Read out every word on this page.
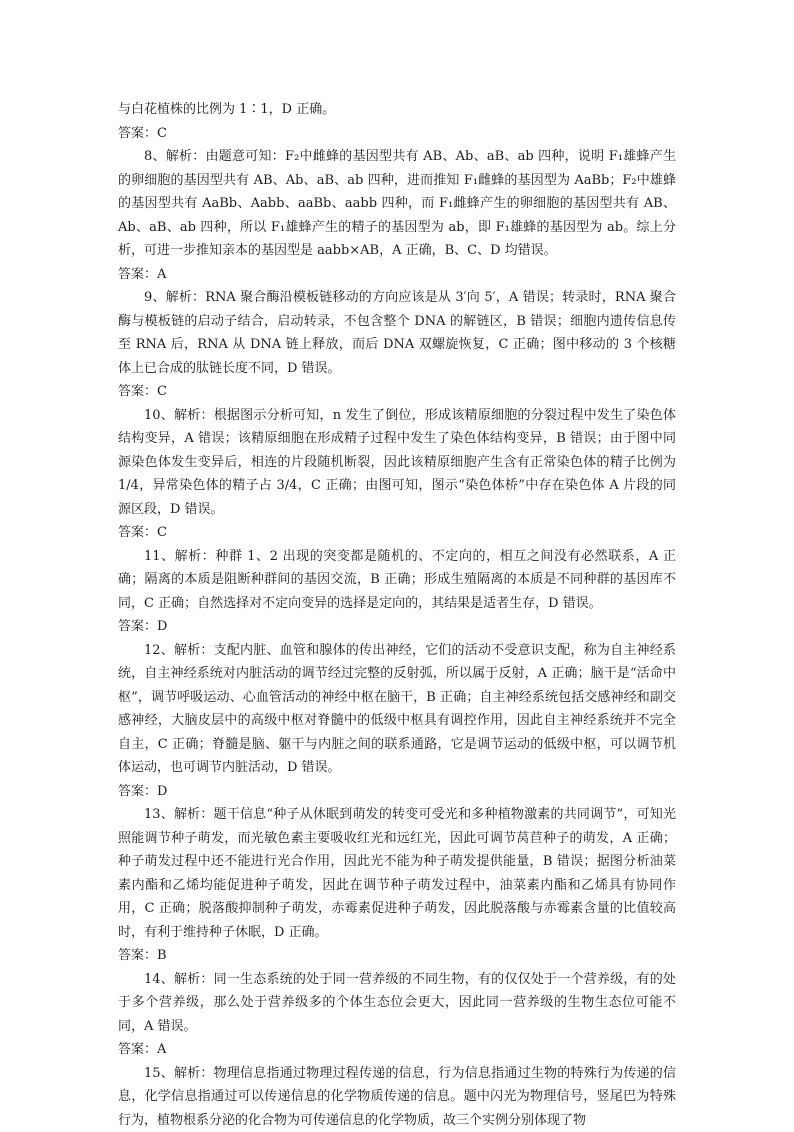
与白花植株的比例为 1∶1，D 正确。

答案：C

8、解析：由题意可知：F₂中雌蜂的基因型共有 AB、Ab、aB、ab 四种，说明 F₁雄蜂产生的卵细胞的基因型共有 AB、Ab、aB、ab 四种，进而推知 F₁雌蜂的基因型为 AaBb；F₂中雄蜂的基因型共有 AaBb、Aabb、aaBb、aabb 四种，而 F₁雌蜂产生的卵细胞的基因型共有 AB、Ab、aB、ab 四种，所以 F₁雄蜂产生的精子的基因型为 ab，即 F₁雄蜂的基因型为 ab。综上分析，可进一步推知亲本的基因型是 aabb×AB，A 正确，B、C、D 均错误。

答案：A

9、解析：RNA 聚合酶沿模板链移动的方向应该是从 3′向 5′，A 错误；转录时，RNA 聚合酶与模板链的启动子结合，启动转录，不包含整个 DNA 的解链区，B 错误；细胞内遗传信息传至 RNA 后，RNA 从 DNA 链上释放，而后 DNA 双螺旋恢复，C 正确；图中移动的 3 个核糖体上已合成的肽链长度不同，D 错误。

答案：C

10、解析：根据图示分析可知，n 发生了倒位，形成该精原细胞的分裂过程中发生了染色体结构变异，A 错误；该精原细胞在形成精子过程中发生了染色体结构变异，B 错误；由于图中同源染色体发生变异后，相连的片段随机断裂，因此该精原细胞产生含有正常染色体的精子比例为 1/4，异常染色体的精子占 3/4，C 正确；由图可知，图示“染色体桥”中存在染色体 A 片段的同源区段，D 错误。

答案：C

11、解析：种群 1、2 出现的突变都是随机的、不定向的，相互之间没有必然联系，A 正确；隔离的本质是阻断种群间的基因交流，B 正确；形成生殖隔离的本质是不同种群的基因库不同，C 正确；自然选择对不定向变异的选择是定向的，其结果是适者生存，D 错误。

答案：D

12、解析：支配内脏、血管和腺体的传出神经，它们的活动不受意识支配，称为自主神经系统，自主神经系统对内脏活动的调节经过完整的反射弧，所以属于反射，A 正确；脑干是“活命中枢”，调节呼吸运动、心血管活动的神经中枢在脑干，B 正确；自主神经系统包括交感神经和副交感神经，大脑皮层中的高级中枢对脊髓中的低级中枢具有调控作用，因此自主神经系统并不完全自主，C 正确；脊髓是脑、躯干与内脏之间的联系通路，它是调节运动的低级中枢，可以调节机体运动，也可调节内脏活动，D 错误。

答案：D

13、解析：题干信息“种子从休眠到萌发的转变可受光和多种植物激素的共同调节”，可知光照能调节种子萌发，而光敏色素主要吸收红光和远红光，因此可调节莴苣种子的萌发，A 正确；种子萌发过程中还不能进行光合作用，因此光不能为种子萌发提供能量，B 错误；据图分析油菜素内酯和乙烯均能促进种子萌发，因此在调节种子萌发过程中，油菜素内酯和乙烯具有协同作用，C 正确；脱落酸抑制种子萌发，赤霉素促进种子萌发，因此脱落酸与赤霉素含量的比值较高时，有利于维持种子休眠，D 正确。

答案：B

14、解析：同一生态系统的处于同一营养级的不同生物，有的仅仅处于一个营养级，有的处于多个营养级，那么处于营养级多的个体生态位会更大，因此同一营养级的生物生态位可能不同，A 错误。

答案：A

15、解析：物理信息指通过物理过程传递的信息，行为信息指通过生物的特殊行为传递的信息，化学信息指通过可以传递信息的化学物质传递的信息。题中闪光为物理信号，竖尾巴为特殊行为，植物根系分泌的化合物为可传递信息的化学物质，故三个实例分别体现了物
